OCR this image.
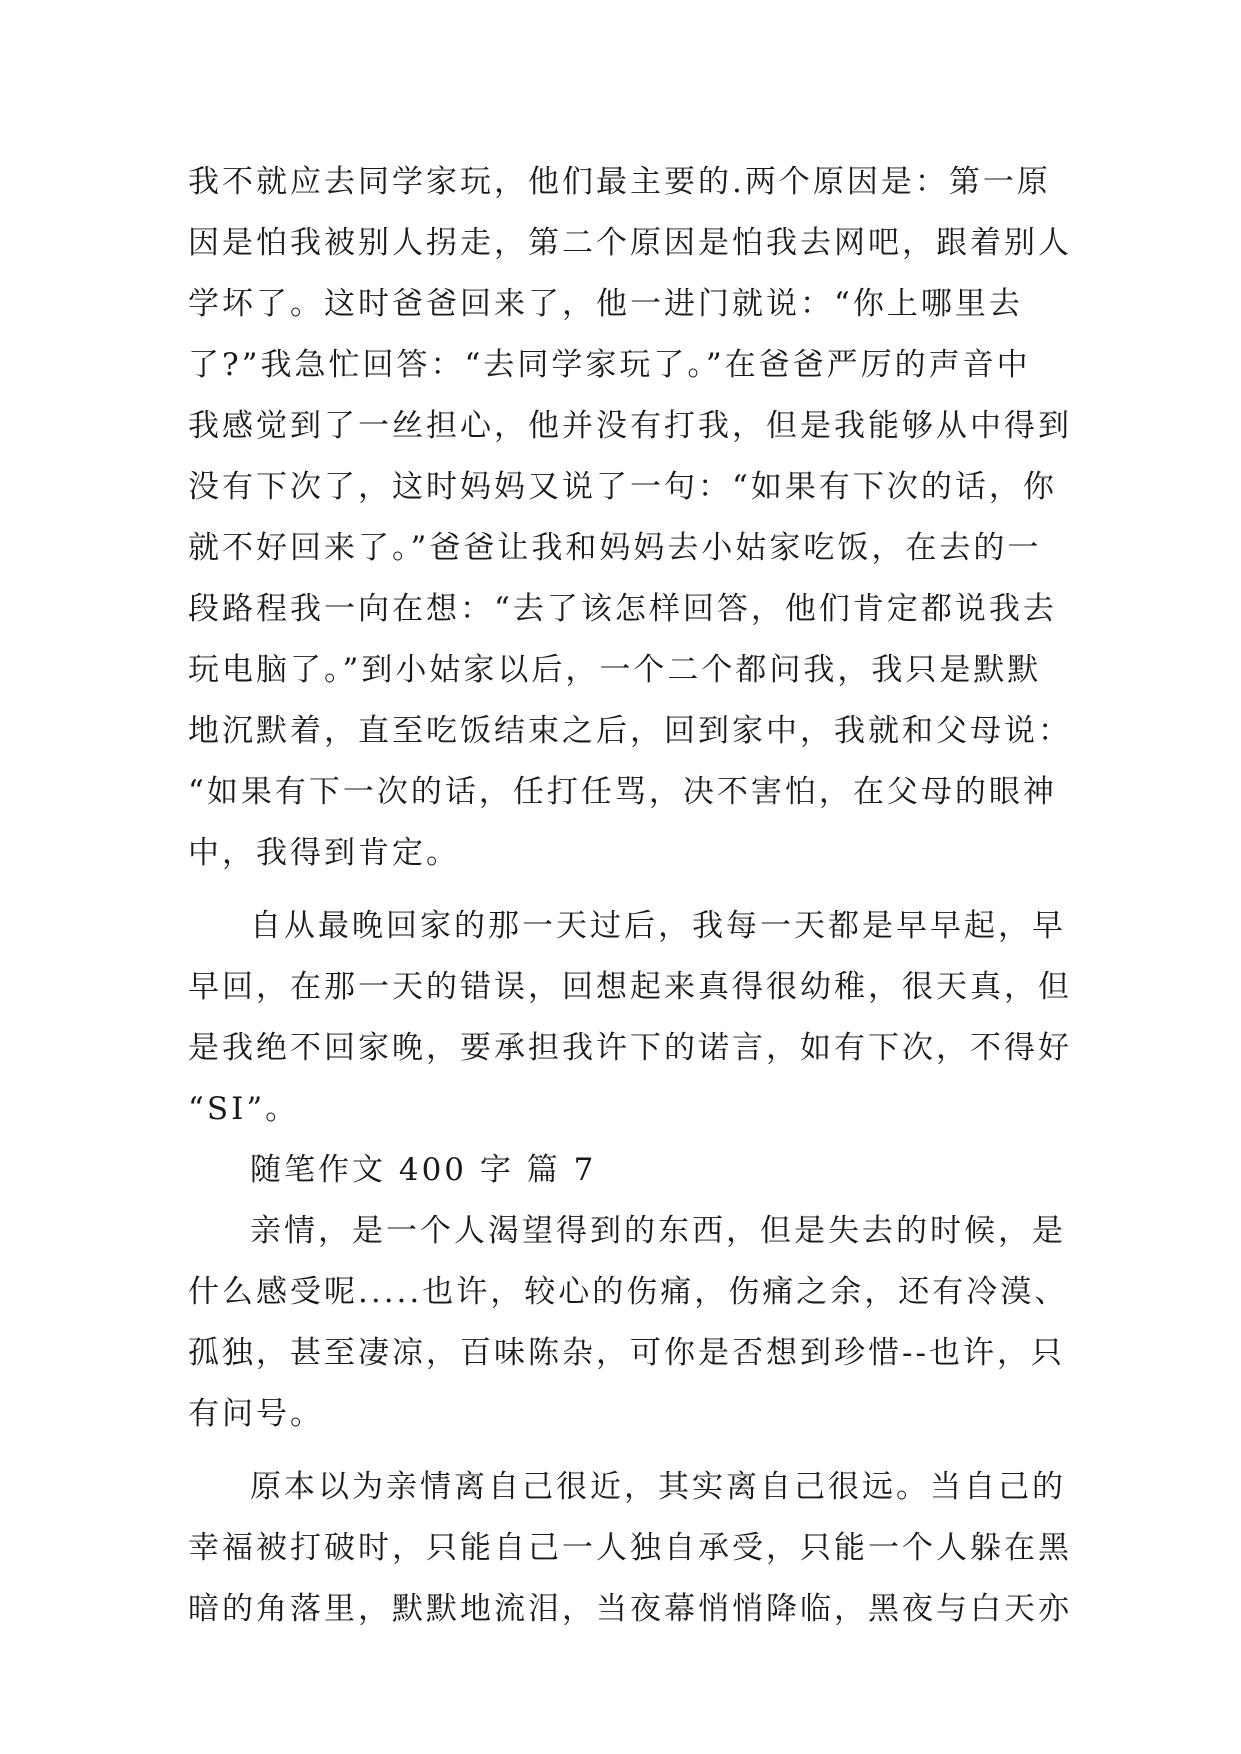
我不就应去同学家玩，他们最主要的.两个原因是：第一原
因是怕我被别人拐走，第二个原因是怕我去网吧，跟着别人
学坏了。这时爸爸回来了，他一进门就说：“你上哪里去
了?”我急忙回答：“去同学家玩了。”在爸爸严厉的声音中
我感觉到了一丝担心，他并没有打我，但是我能够从中得到
没有下次了，这时妈妈又说了一句：“如果有下次的话，你
就不好回来了。”爸爸让我和妈妈去小姑家吃饭，在去的一
段路程我一向在想：“去了该怎样回答，他们肯定都说我去
玩电脑了。”到小姑家以后，一个二个都问我，我只是默默
地沉默着，直至吃饭结束之后，回到家中，我就和父母说：
“如果有下一次的话，任打任骂，决不害怕，在父母的眼神
中，我得到肯定。
自从最晚回家的那一天过后，我每一天都是早早起，早
早回，在那一天的错误，回想起来真得很幼稚，很天真，但
是我绝不回家晚，要承担我许下的诺言，如有下次，不得好
“SI”。
随笔作文 400 字 篇 7
亲情，是一个人渴望得到的东西，但是失去的时候，是
什么感受呢.....也许，较心的伤痛，伤痛之余，还有冷漠、
孤独，甚至凄凉，百味陈杂，可你是否想到珍惜--也许，只
有问号。
原本以为亲情离自己很近，其实离自己很远。当自己的
幸福被打破时，只能自己一人独自承受，只能一个人躲在黑
暗的角落里，默默地流泪，当夜幕悄悄降临，黑夜与白天亦
